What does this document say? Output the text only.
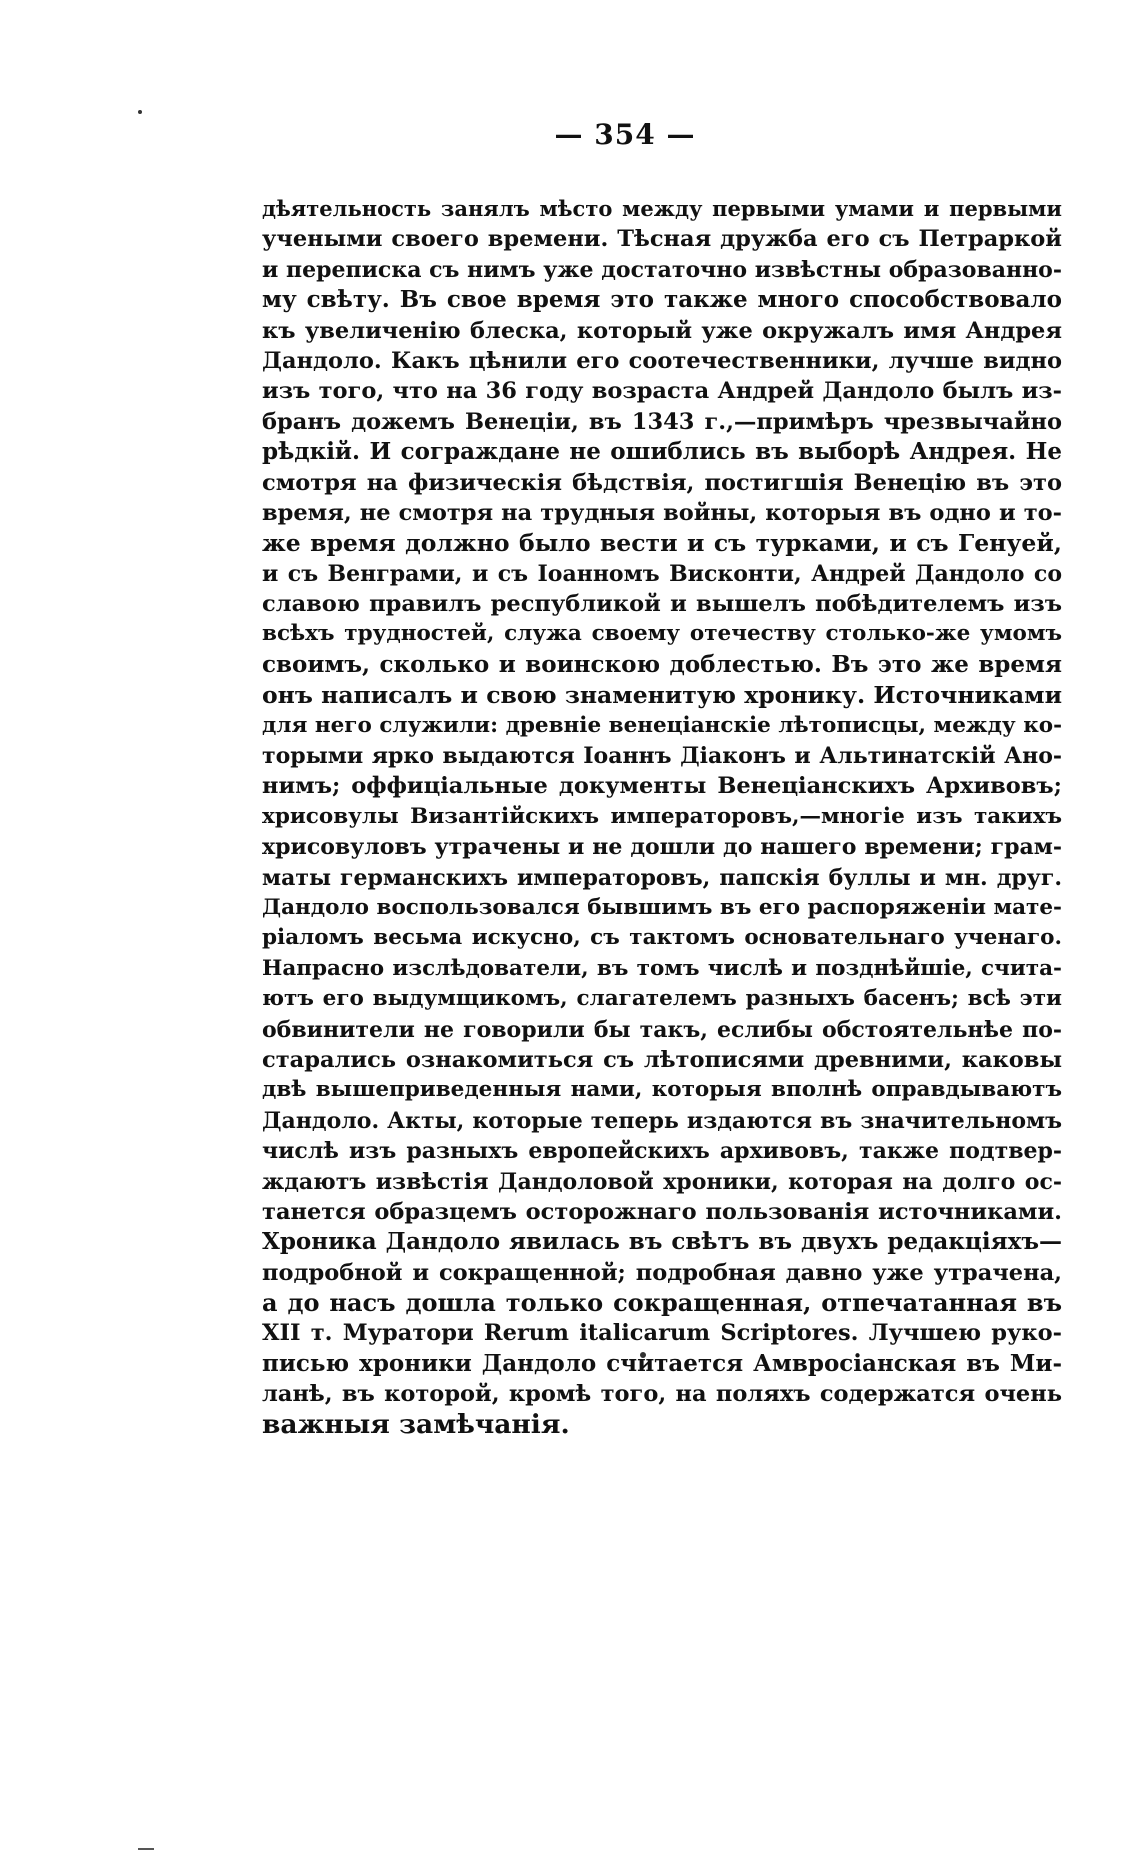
— 354 —
дѣятельность занялъ мѣсто между первыми умами и первыми
учеными своего времени. Тѣсная дружба его съ Петраркой
и переписка съ нимъ уже достаточно извѣстны образованно-
му свѣту. Въ свое время это также много способствовало
къ увеличенію блеска, который уже окружалъ имя Андрея
Дандоло. Какъ цѣнили его соотечественники, лучше видно
изъ того, что на 36 году возраста Андрей Дандоло былъ из-
бранъ дожемъ Венеціи, въ 1343 г.,—примѣръ чрезвычайно
рѣдкій. И сограждане не ошиблись въ выборѣ Андрея. Не
смотря на физическія бѣдствія, постигшія Венецію въ это
время, не смотря на трудныя войны, которыя въ одно и то-
же время должно было вести и съ турками, и съ Генуей,
и съ Венграми, и съ Іоанномъ Висконти, Андрей Дандоло со
славою правилъ республикой и вышелъ побѣдителемъ изъ
всѣхъ трудностей, служа своему отечеству столько-же умомъ
своимъ, сколько и воинскою доблестью. Въ это же время
онъ написалъ и свою знаменитую хронику. Источниками
для него служили: древніе венеціанскіе лѣтописцы, между ко-
торыми ярко выдаются Іоаннъ Діаконъ и Альтинатскій Ано-
нимъ; оффиціальные документы Венеціанскихъ Архивовъ;
хрисовулы Византійскихъ императоровъ,—многіе изъ такихъ
хрисовуловъ утрачены и не дошли до нашего времени; грам-
маты германскихъ императоровъ, папскія буллы и мн. друг.
Дандоло воспользовался бывшимъ въ его распоряженіи мате-
ріаломъ весьма искусно, съ тактомъ основательнаго ученаго.
Напрасно изслѣдователи, въ томъ числѣ и позднѣйшіе, счита-
ютъ его выдумщикомъ, слагателемъ разныхъ басенъ; всѣ эти
обвинители не говорили бы такъ, еслибы обстоятельнѣе по-
старались ознакомиться съ лѣтописями древними, каковы
двѣ вышеприведенныя нами, которыя вполнѣ оправдываютъ
Дандоло. Акты, которые теперь издаются въ значительномъ
числѣ изъ разныхъ европейскихъ архивовъ, также подтвер-
ждаютъ извѣстія Дандоловой хроники, которая на долго ос-
танется образцемъ осторожнаго пользованія источниками.
Хроника Дандоло явилась въ свѣтъ въ двухъ редакціяхъ—
подробной и сокращенной; подробная давно уже утрачена,
а до насъ дошла только сокращенная, отпечатанная въ
XII т. Муратори Rerum italicarum Scriptores. Лучшею руко-
писью хроники Дандоло считается Амвросіанская въ Ми-
ланѣ, въ которой, кромѣ того, на поляхъ содержатся очень
важныя замѣчанія.
